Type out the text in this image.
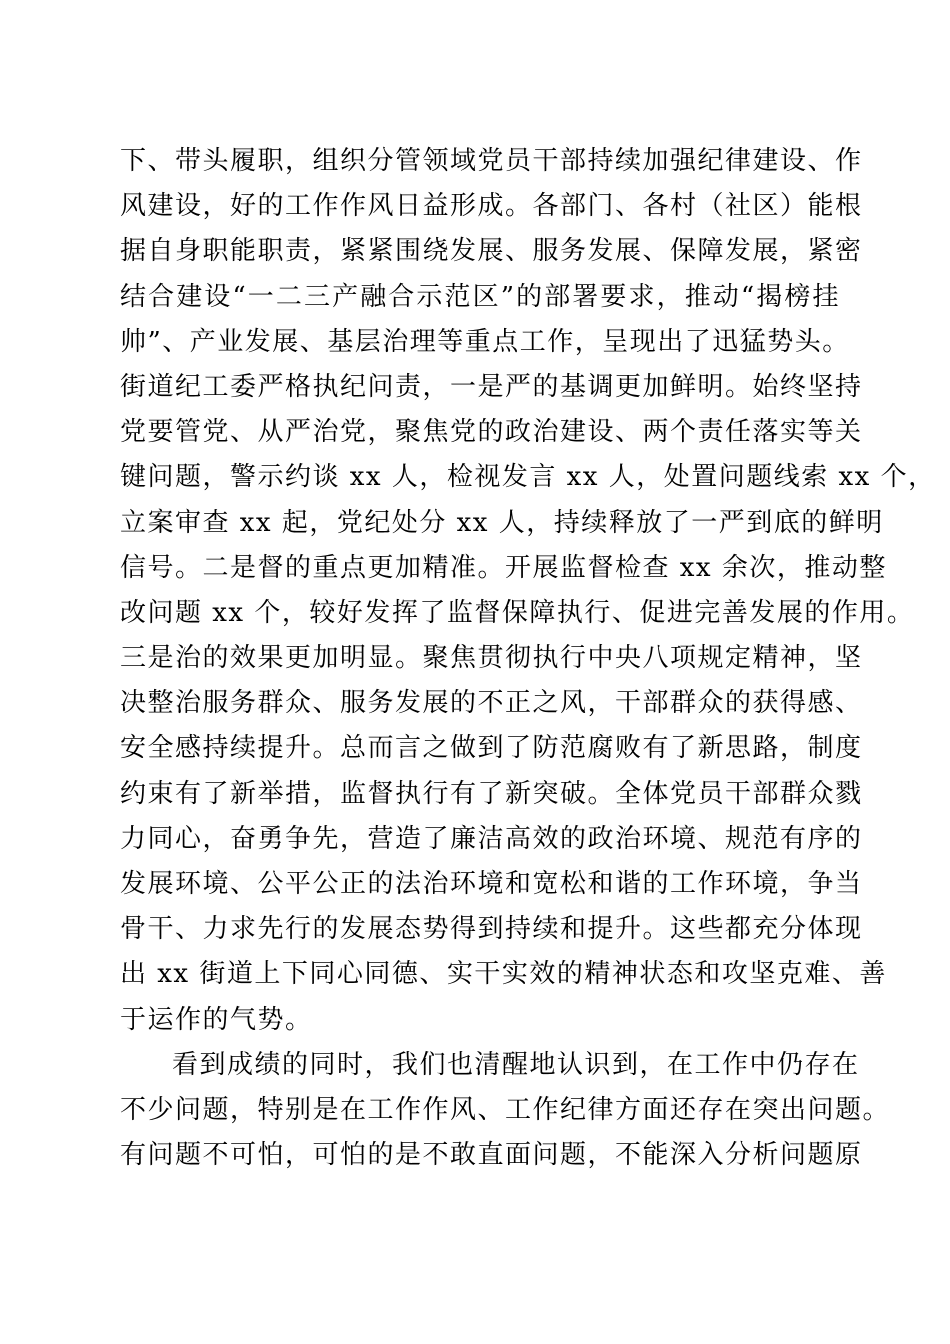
下、带头履职，组织分管领域党员干部持续加强纪律建设、作
风建设，好的工作作风日益形成。各部门、各村（社区）能根
据自身职能职责，紧紧围绕发展、服务发展、保障发展，紧密
结合建设“一二三产融合示范区”的部署要求，推动“揭榜挂
帅”、产业发展、基层治理等重点工作，呈现出了迅猛势头。
街道纪工委严格执纪问责，一是严的基调更加鲜明。始终坚持
党要管党、从严治党，聚焦党的政治建设、两个责任落实等关
键问题，警示约谈 xx 人，检视发言 xx 人，处置问题线索 xx 个，
立案审查 xx 起，党纪处分 xx 人，持续释放了一严到底的鲜明
信号。二是督的重点更加精准。开展监督检查 xx 余次，推动整
改问题 xx 个，较好发挥了监督保障执行、促进完善发展的作用。
三是治的效果更加明显。聚焦贯彻执行中央八项规定精神，坚
决整治服务群众、服务发展的不正之风，干部群众的获得感、
安全感持续提升。总而言之做到了防范腐败有了新思路，制度
约束有了新举措，监督执行有了新突破。全体党员干部群众戮
力同心，奋勇争先，营造了廉洁高效的政治环境、规范有序的
发展环境、公平公正的法治环境和宽松和谐的工作环境，争当
骨干、力求先行的发展态势得到持续和提升。这些都充分体现
出 xx 街道上下同心同德、实干实效的精神状态和攻坚克难、善
于运作的气势。
看到成绩的同时，我们也清醒地认识到，在工作中仍存在
不少问题，特别是在工作作风、工作纪律方面还存在突出问题。
有问题不可怕，可怕的是不敢直面问题，不能深入分析问题原
